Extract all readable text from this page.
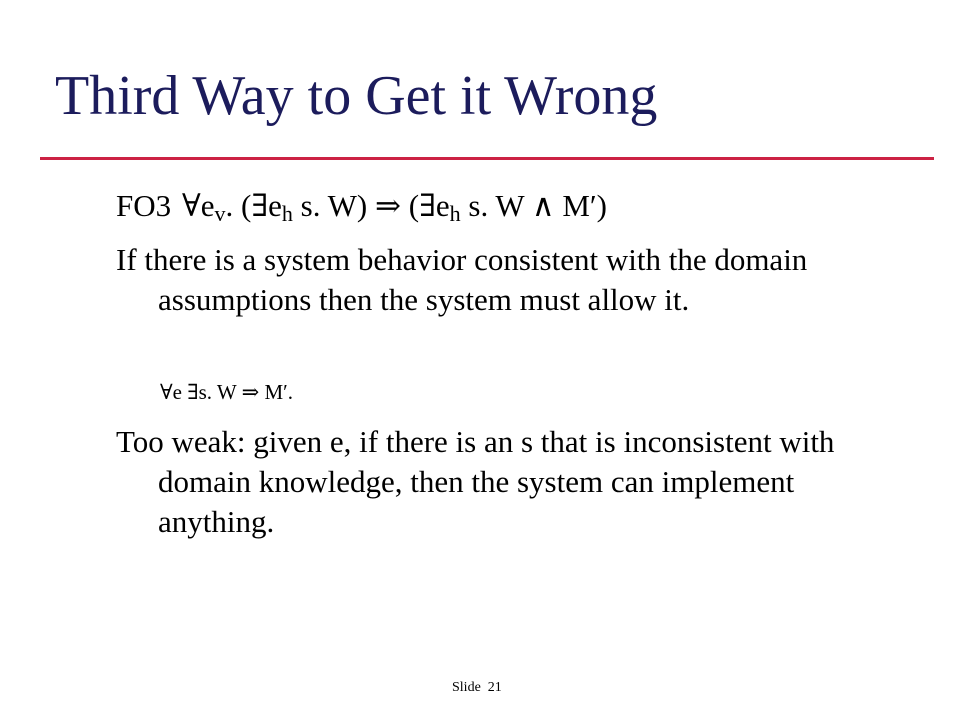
Third Way to Get it Wrong
FO3 $\forall e_v$. ($\exists e_h$ s. W) ⇒ ($\exists e_h$ s. W ∧ M′)
If there is a system behavior consistent with the domain assumptions then the system must allow it.
∀e ∃s. W ⇒ M′.
Too weak: given e, if there is an s that is inconsistent with domain knowledge, then the system can implement anything.
Slide 21
